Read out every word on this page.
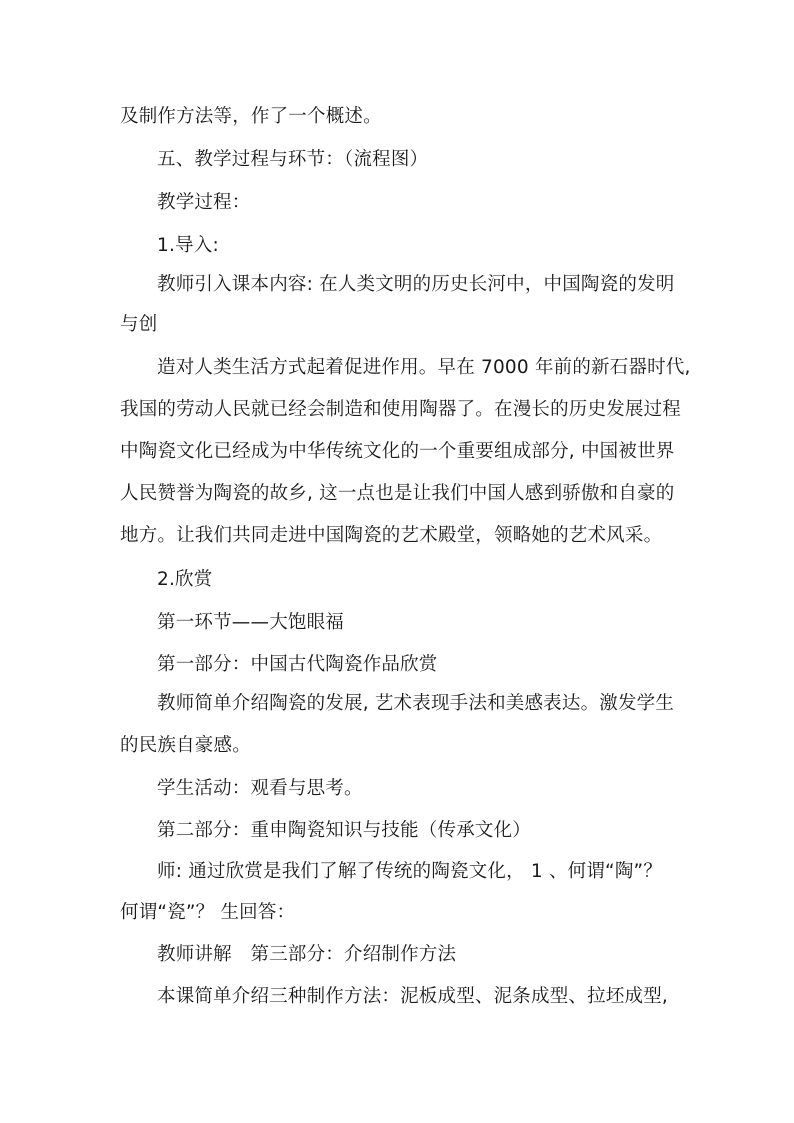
及制作方法等，作了一个概述。
五、教学过程与环节：（流程图）
教学过程：
1.导入:
教师引入课本内容: 在人类文明的历史长河中，中国陶瓷的发明
与创
造对人类生活方式起着促进作用。早在 7000 年前的新石器时代,
我国的劳动人民就已经会制造和使用陶器了。在漫长的历史发展过程
中陶瓷文化已经成为中华传统文化的一个重要组成部分, 中国被世界
人民赞誉为陶瓷的故乡, 这一点也是让我们中国人感到骄傲和自豪的
地方。让我们共同走进中国陶瓷的艺术殿堂，领略她的艺术风采。
2.欣赏
第一环节——大饱眼福
第一部分：中国古代陶瓷作品欣赏
教师简单介绍陶瓷的发展, 艺术表现手法和美感表达。激发学生
的民族自豪感。
学生活动：观看与思考。
第二部分：重申陶瓷知识与技能（传承文化）
师: 通过欣赏是我们了解了传统的陶瓷文化， 1 、何谓“陶”？
何谓“瓷”？ 生回答：
教师讲解　第三部分：介绍制作方法
本课简单介绍三种制作方法：泥板成型、泥条成型、拉坯成型,
